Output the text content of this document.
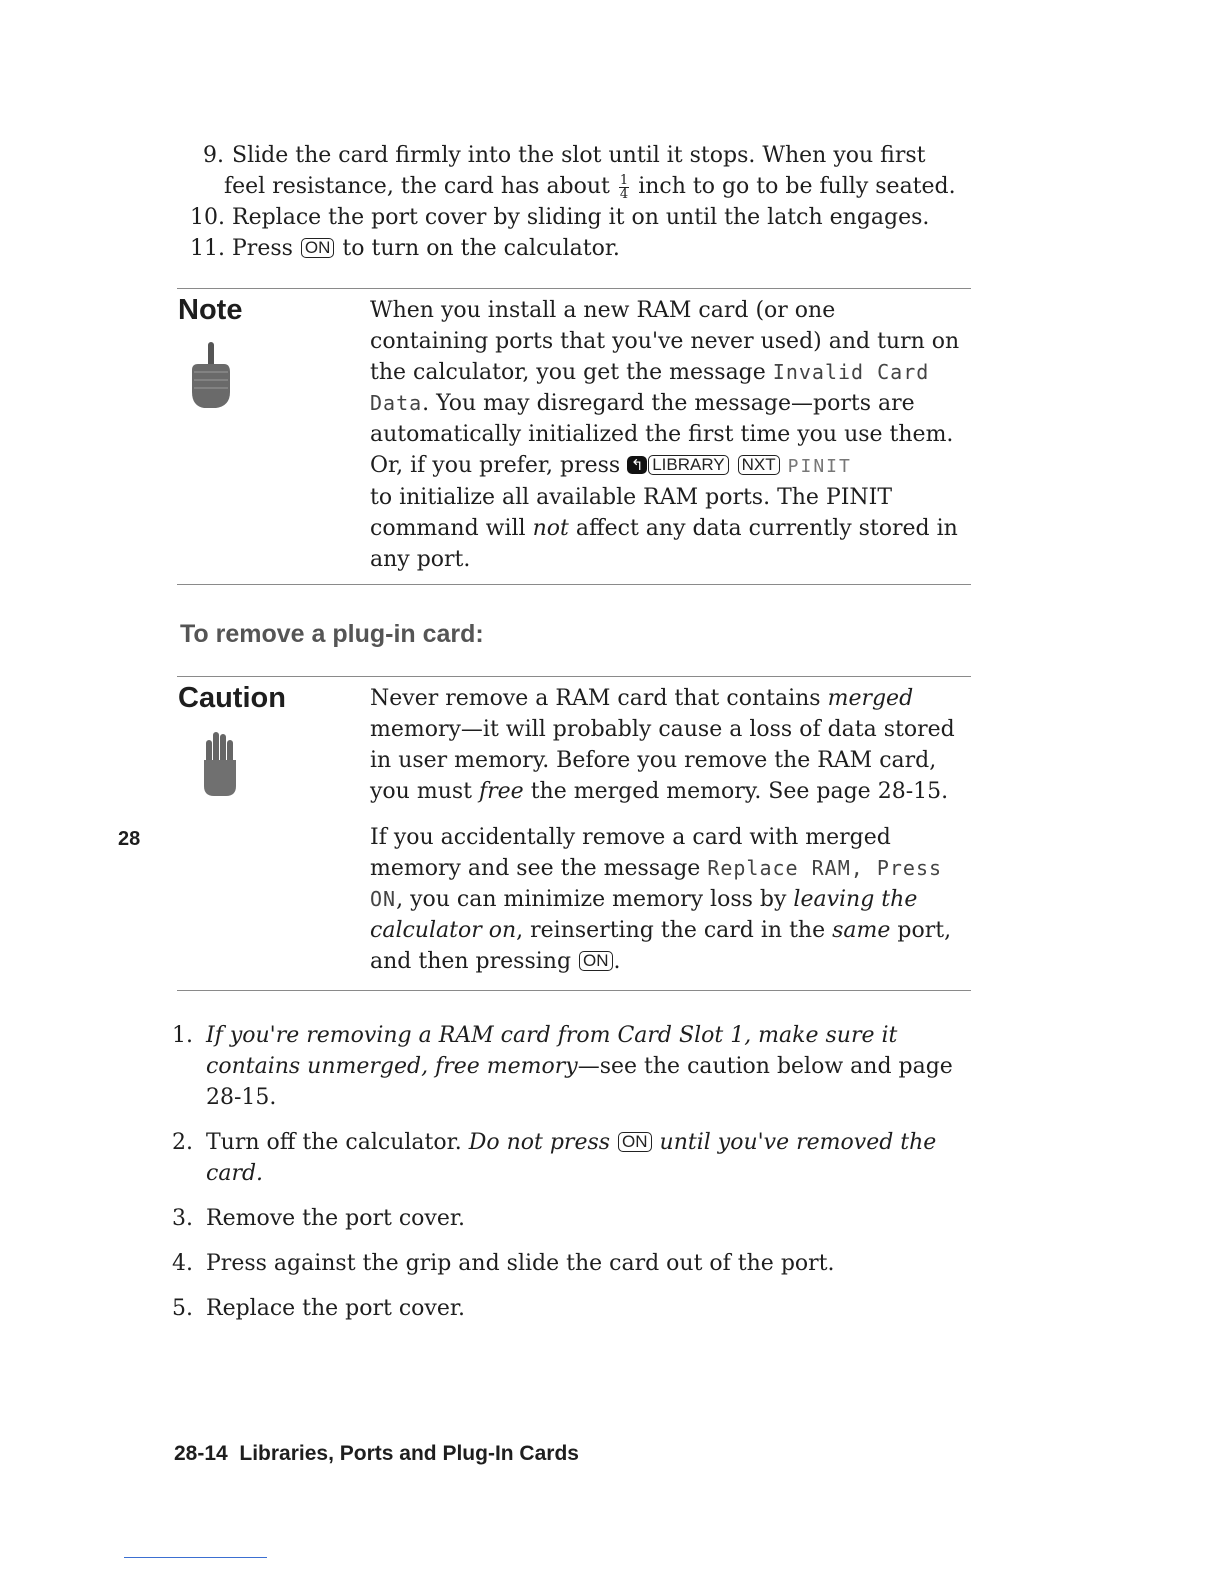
9. Slide the card firmly into the slot until it stops. When you first
feel resistance, the card has about $\frac{1}{4}$ inch to go to be fully seated.
10. Replace the port cover by sliding it on until the latch engages.
11. Press ON to turn on the calculator.
Note	When you install a new RAM card (or one
containing ports that you've never used) and turn on
the calculator, you get the message Invalid Card
Data. You may disregard the message—ports are
automatically initialized the first time you use them.
Or, if you prefer, press ↰ LIBRARY NXT PINIT
to initialize all available RAM ports. The PINIT
command will not affect any data currently stored in
any port.
To remove a plug-in card:
Caution	Never remove a RAM card that contains merged
memory—it will probably cause a loss of data stored
in user memory. Before you remove the RAM card,
you must free the merged memory. See page 28-15.
If you accidentally remove a card with merged
memory and see the message Replace RAM, Press
ON, you can minimize memory loss by leaving the
calculator on, reinserting the card in the same port,
and then pressing ON .
28
1. If you're removing a RAM card from Card Slot 1, make sure it
contains unmerged, free memory—see the caution below and page
28-15.
2. Turn off the calculator. Do not press ON until you've removed the
card.
3. Remove the port cover.
4. Press against the grip and slide the card out of the port.
5. Replace the port cover.
28-14 Libraries, Ports and Plug-In Cards
